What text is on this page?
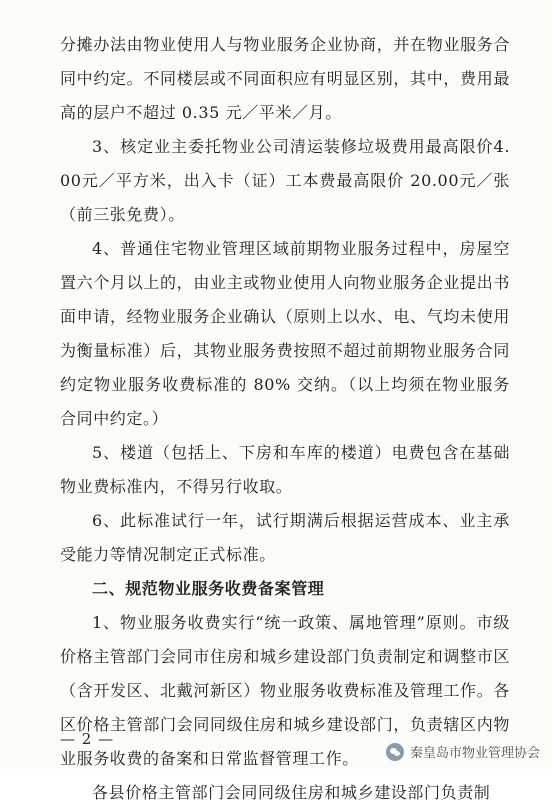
分摊办法由物业使用人与物业服务企业协商，并在物业服务合同中约定。不同楼层或不同面积应有明显区别，其中，费用最高的层户不超过 0.35 元／平米／月。

3、核定业主委托物业公司清运装修垃圾费用最高限价4.00元／平方米，出入卡（证）工本费最高限价 20.00元／张（前三张免费）。

4、普通住宅物业管理区域前期物业服务过程中，房屋空置六个月以上的，由业主或物业使用人向物业服务企业提出书面申请，经物业服务企业确认（原则上以水、电、气均未使用为衡量标准）后，其物业服务费按照不超过前期物业服务合同约定物业服务收费标准的 80% 交纳。（以上均须在物业服务合同中约定。）

5、楼道（包括上、下房和车库的楼道）电费包含在基础物业费标准内，不得另行收取。

6、此标准试行一年，试行期满后根据运营成本、业主承受能力等情况制定正式标准。

二、规范物业服务收费备案管理

1、物业服务收费实行“统一政策、属地管理”原则。市级价格主管部门会同市住房和城乡建设部门负责制定和调整市区（含开发区、北戴河新区）物业服务收费标准及管理工作。各区价格主管部门会同同级住房和城乡建设部门，负责辖区内物业服务收费的备案和日常监督管理工作。

各县价格主管部门会同同级住房和城乡建设部门负责制

— 2 —
秦皇岛市物业管理协会
